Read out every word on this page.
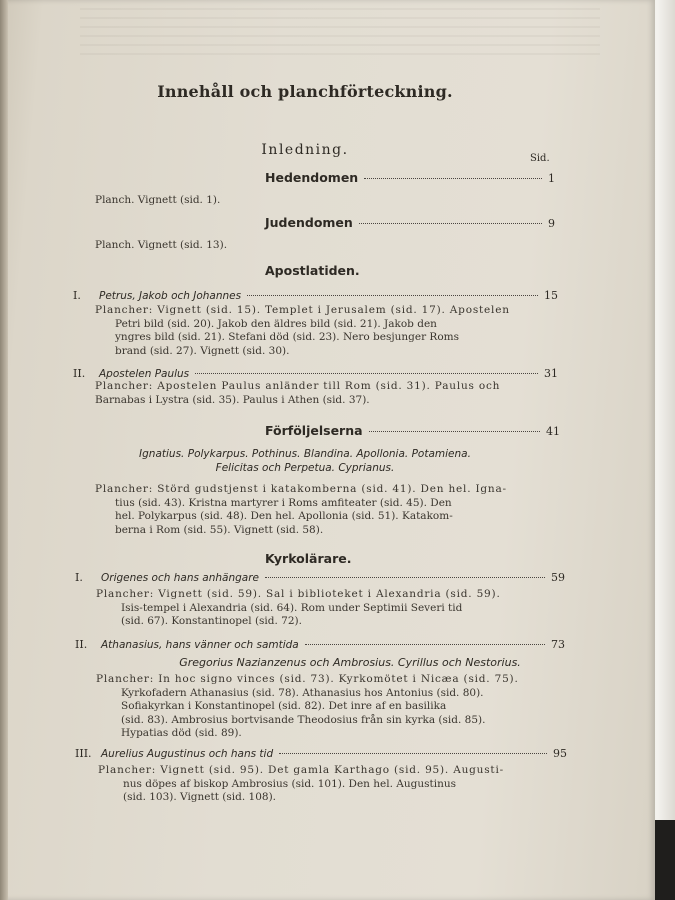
Innehåll och planchförteckning.
Inledning.
Sid.
Hedendomen	1
Planch. Vignett (sid. 1).
Judendomen	9
Planch. Vignett (sid. 13).
Apostlatiden.
I.	Petrus, Jakob och Johannes	15
Plancher: Vignett (sid. 15). Templet i Jerusalem (sid. 17). Apostelen
Petri bild (sid. 20). Jakob den äldres bild (sid. 21). Jakob den
yngres bild (sid. 21). Stefani död (sid. 23). Nero besjunger Roms
brand (sid. 27). Vignett (sid. 30).
II.	Apostelen Paulus	31
Plancher: Apostelen Paulus anländer till Rom (sid. 31). Paulus och
Barnabas i Lystra (sid. 35). Paulus i Athen (sid. 37).
Förföljelserna	41
Ignatius. Polykarpus. Pothinus. Blandina. Apollonia. Potamiena.
Felicitas och Perpetua. Cyprianus.
Plancher: Störd gudstjenst i katakomberna (sid. 41). Den hel. Igna-
tius (sid. 43). Kristna martyrer i Roms amfiteater (sid. 45). Den
hel. Polykarpus (sid. 48). Den hel. Apollonia (sid. 51). Katakom-
berna i Rom (sid. 55). Vignett (sid. 58).
Kyrkolärare.
I.	Origenes och hans anhängare	59
Plancher: Vignett (sid. 59). Sal i biblioteket i Alexandria (sid. 59).
Isis-tempel i Alexandria (sid. 64). Rom under Septimii Severi tid
(sid. 67). Konstantinopel (sid. 72).
II.	Athanasius, hans vänner och samtida	73
Gregorius Nazianzenus och Ambrosius. Cyrillus och Nestorius.
Plancher: In hoc signo vinces (sid. 73). Kyrkomötet i Nicæa (sid. 75).
Kyrkofadern Athanasius (sid. 78). Athanasius hos Antonius (sid. 80).
Sofiakyrkan i Konstantinopel (sid. 82). Det inre af en basilika
(sid. 83). Ambrosius bortvisande Theodosius från sin kyrka (sid. 85).
Hypatias död (sid. 89).
III. Aurelius Augustinus och hans tid	95
Plancher: Vignett (sid. 95). Det gamla Karthago (sid. 95). Augusti-
nus döpes af biskop Ambrosius (sid. 101). Den hel. Augustinus
(sid. 103). Vignett (sid. 108).
